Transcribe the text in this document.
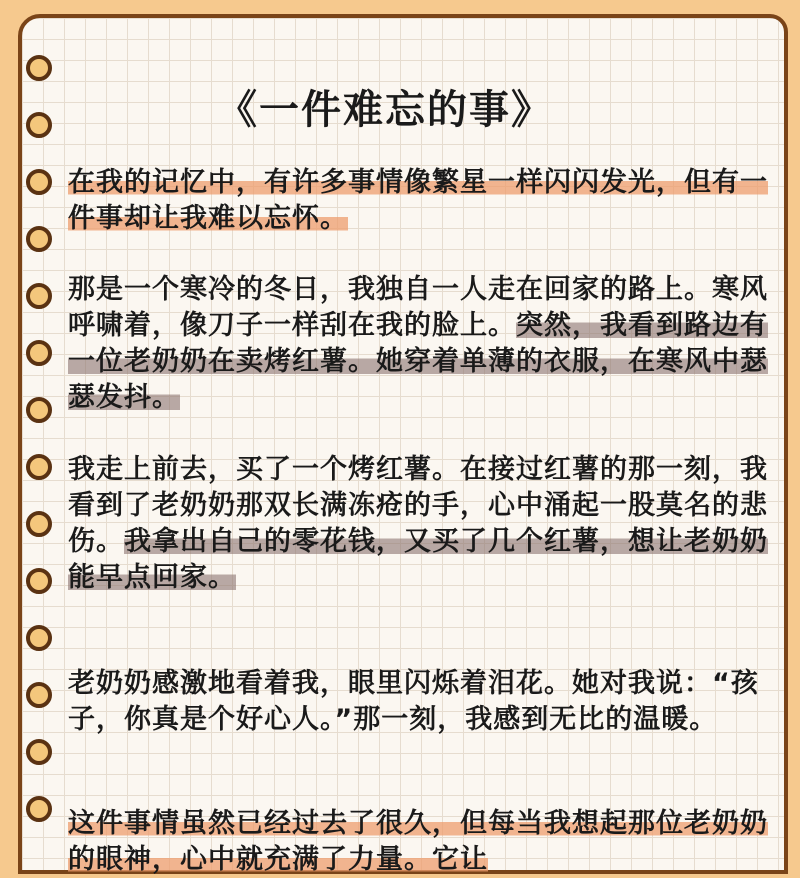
《一件难忘的事》
在我的记忆中，有许多事情像繁星一样闪闪发光，但有一件事却让我难以忘怀。
那是一个寒冷的冬日，我独自一人走在回家的路上。寒风呼啸着，像刀子一样刮在我的脸上。突然，我看到路边有一位老奶奶在卖烤红薯。她穿着单薄的衣服，在寒风中瑟瑟发抖。
我走上前去，买了一个烤红薯。在接过红薯的那一刻，我看到了老奶奶那双长满冻疮的手，心中涌起一股莫名的悲伤。我拿出自己的零花钱，又买了几个红薯，想让老奶奶能早点回家。
老奶奶感激地看着我，眼里闪烁着泪花。她对我说：“孩子，你真是个好心人。”那一刻，我感到无比的温暖。
这件事情虽然已经过去了很久，但每当我想起那位老奶奶的眼神，心中就充满了力量。它让
